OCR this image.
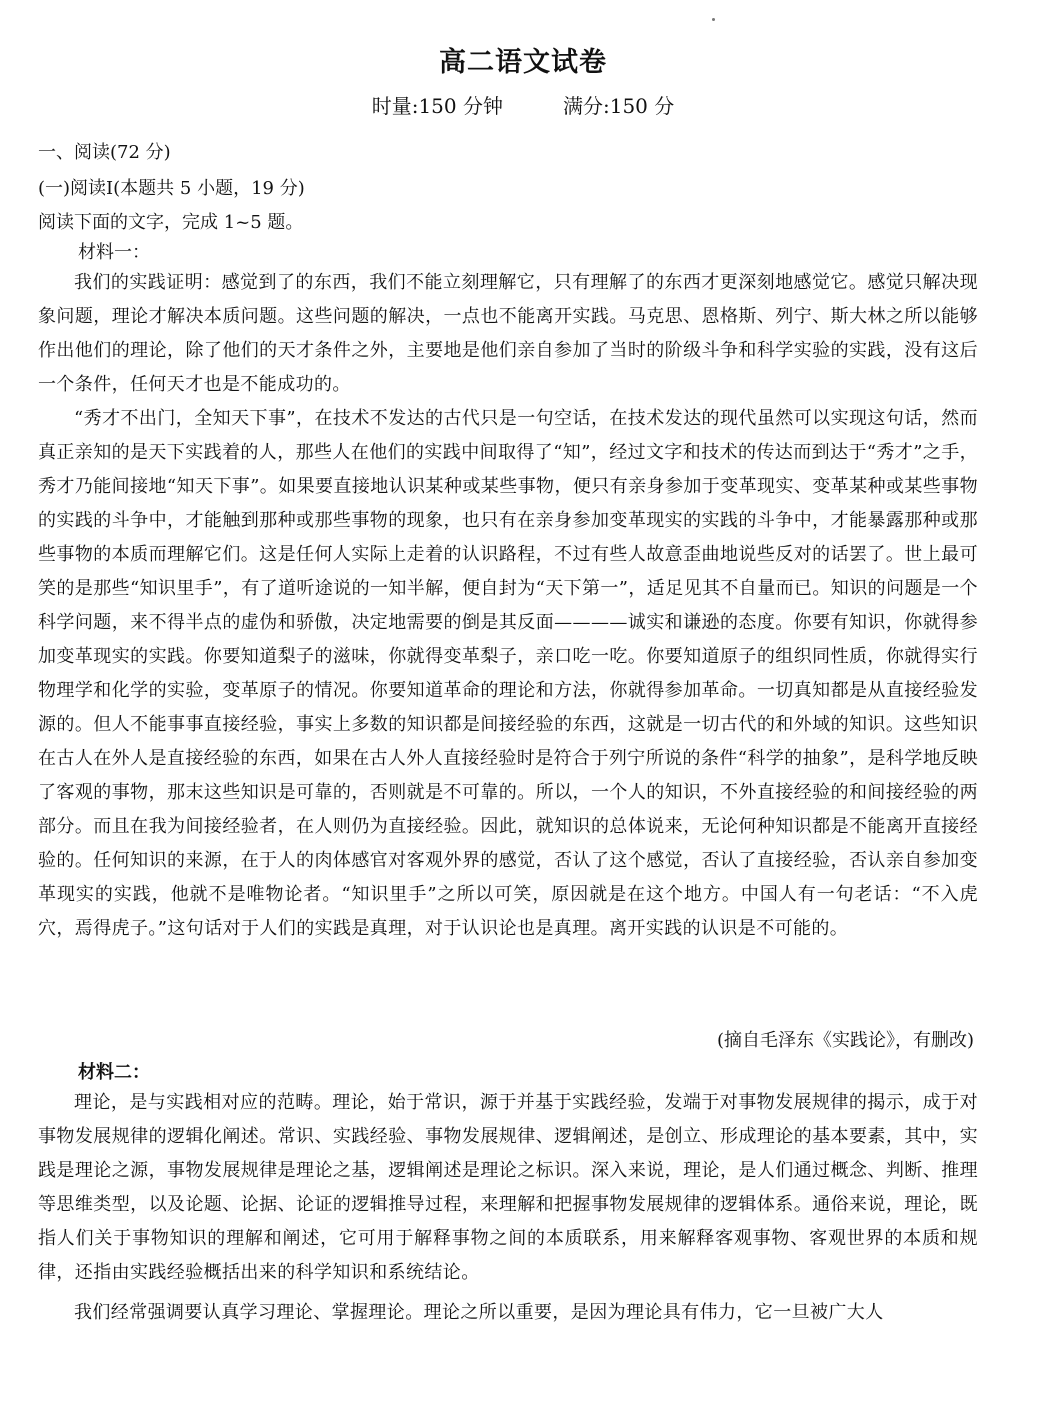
高二语文试卷
时量:150 分钟	满分:150 分
一、阅读(72 分)
(一)阅读Ⅰ(本题共 5 小题，19 分)
阅读下面的文字，完成 1~5 题。
材料一：

我们的实践证明：感觉到了的东西，我们不能立刻理解它，只有理解了的东西才更深刻地感觉它。感觉只解决现象问题，理论才解决本质问题。这些问题的解决，一点也不能离开实践。马克思、恩格斯、列宁、斯大林之所以能够作出他们的理论，除了他们的天才条件之外，主要地是他们亲自参加了当时的阶级斗争和科学实验的实践，没有这后一个条件，任何天才也是不能成功的。

“秀才不出门，全知天下事”，在技术不发达的古代只是一句空话，在技术发达的现代虽然可以实现这句话，然而真正亲知的是天下实践着的人，那些人在他们的实践中间取得了“知”，经过文字和技术的传达而到达于“秀才”之手，秀才乃能间接地“知天下事”。如果要直接地认识某种或某些事物，便只有亲身参加于变革现实、变革某种或某些事物的实践的斗争中，才能触到那种或那些事物的现象，也只有在亲身参加变革现实的实践的斗争中，才能暴露那种或那些事物的本质而理解它们。这是任何人实际上走着的认识路程，不过有些人故意歪曲地说些反对的话罢了。世上最可笑的是那些“知识里手”，有了道听途说的一知半解，便自封为“天下第一”，适足见其不自量而已。知识的问题是一个科学问题，来不得半点的虚伪和骄傲，决定地需要的倒是其反面————诚实和谦逊的态度。你要有知识，你就得参加变革现实的实践。你要知道梨子的滋味，你就得变革梨子，亲口吃一吃。你要知道原子的组织同性质，你就得实行物理学和化学的实验，变革原子的情况。你要知道革命的理论和方法，你就得参加革命。一切真知都是从直接经验发源的。但人不能事事直接经验，事实上多数的知识都是间接经验的东西，这就是一切古代的和外域的知识。这些知识在古人在外人是直接经验的东西，如果在古人外人直接经验时是符合于列宁所说的条件“科学的抽象”，是科学地反映了客观的事物，那末这些知识是可靠的，否则就是不可靠的。所以，一个人的知识，不外直接经验的和间接经验的两部分。而且在我为间接经验者，在人则仍为直接经验。因此，就知识的总体说来，无论何种知识都是不能离开直接经验的。任何知识的来源，在于人的肉体感官对客观外界的感觉，否认了这个感觉，否认了直接经验，否认亲自参加变革现实的实践，他就不是唯物论者。“知识里手”之所以可笑，原因就是在这个地方。中国人有一句老话：“不入虎穴，焉得虎子。”这句话对于人们的实践是真理，对于认识论也是真理。离开实践的认识是不可能的。

(摘自毛泽东《实践论》，有删改)
材料二：

理论，是与实践相对应的范畴。理论，始于常识，源于并基于实践经验，发端于对事物发展规律的揭示，成于对事物发展规律的逻辑化阐述。常识、实践经验、事物发展规律、逻辑阐述，是创立、形成理论的基本要素，其中，实践是理论之源，事物发展规律是理论之基，逻辑阐述是理论之标识。深入来说，理论，是人们通过概念、判断、推理等思维类型，以及论题、论据、论证的逻辑推导过程，来理解和把握事物发展规律的逻辑体系。通俗来说，理论，既指人们关于事物知识的理解和阐述，它可用于解释事物之间的本质联系，用来解释客观事物、客观世界的本质和规律，还指由实践经验概括出来的科学知识和系统结论。

我们经常强调要认真学习理论、掌握理论。理论之所以重要，是因为理论具有伟力，它一旦被广大人
